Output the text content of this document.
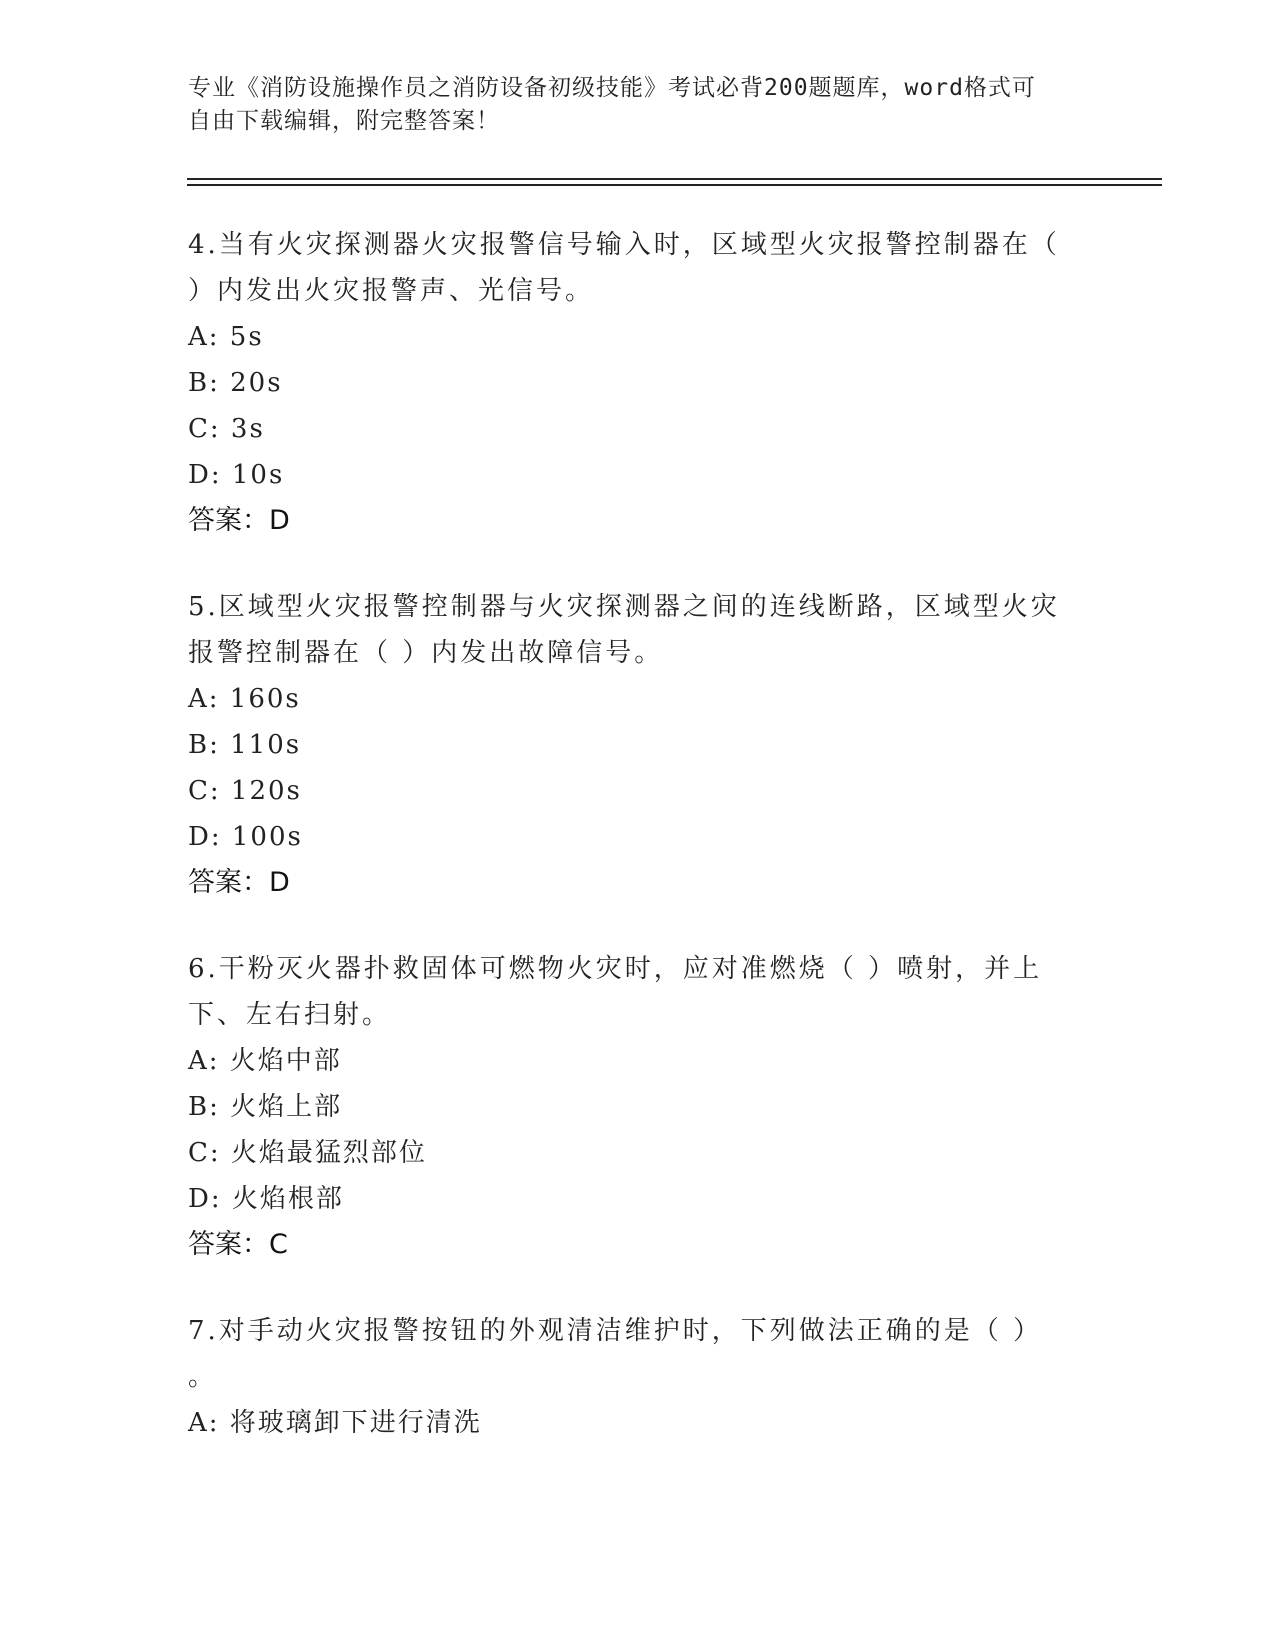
专业《消防设施操作员之消防设备初级技能》考试必背200题题库，word格式可
自由下载编辑，附完整答案！

4.当有火灾探测器火灾报警信号输入时，区域型火灾报警控制器在（

）内发出火灾报警声、光信号。

A: 5s

B: 20s

C: 3s

D: 10s

答案：D

5.区域型火灾报警控制器与火灾探测器之间的连线断路，区域型火灾

报警控制器在（ ）内发出故障信号。

A: 160s

B: 110s

C: 120s

D: 100s

答案：D

6.干粉灭火器扑救固体可燃物火灾时，应对准燃烧（ ）喷射，并上

下、左右扫射。

A: 火焰中部

B: 火焰上部

C: 火焰最猛烈部位

D: 火焰根部

答案：C

7.对手动火灾报警按钮的外观清洁维护时，下列做法正确的是（ ）

。

A: 将玻璃卸下进行清洗
